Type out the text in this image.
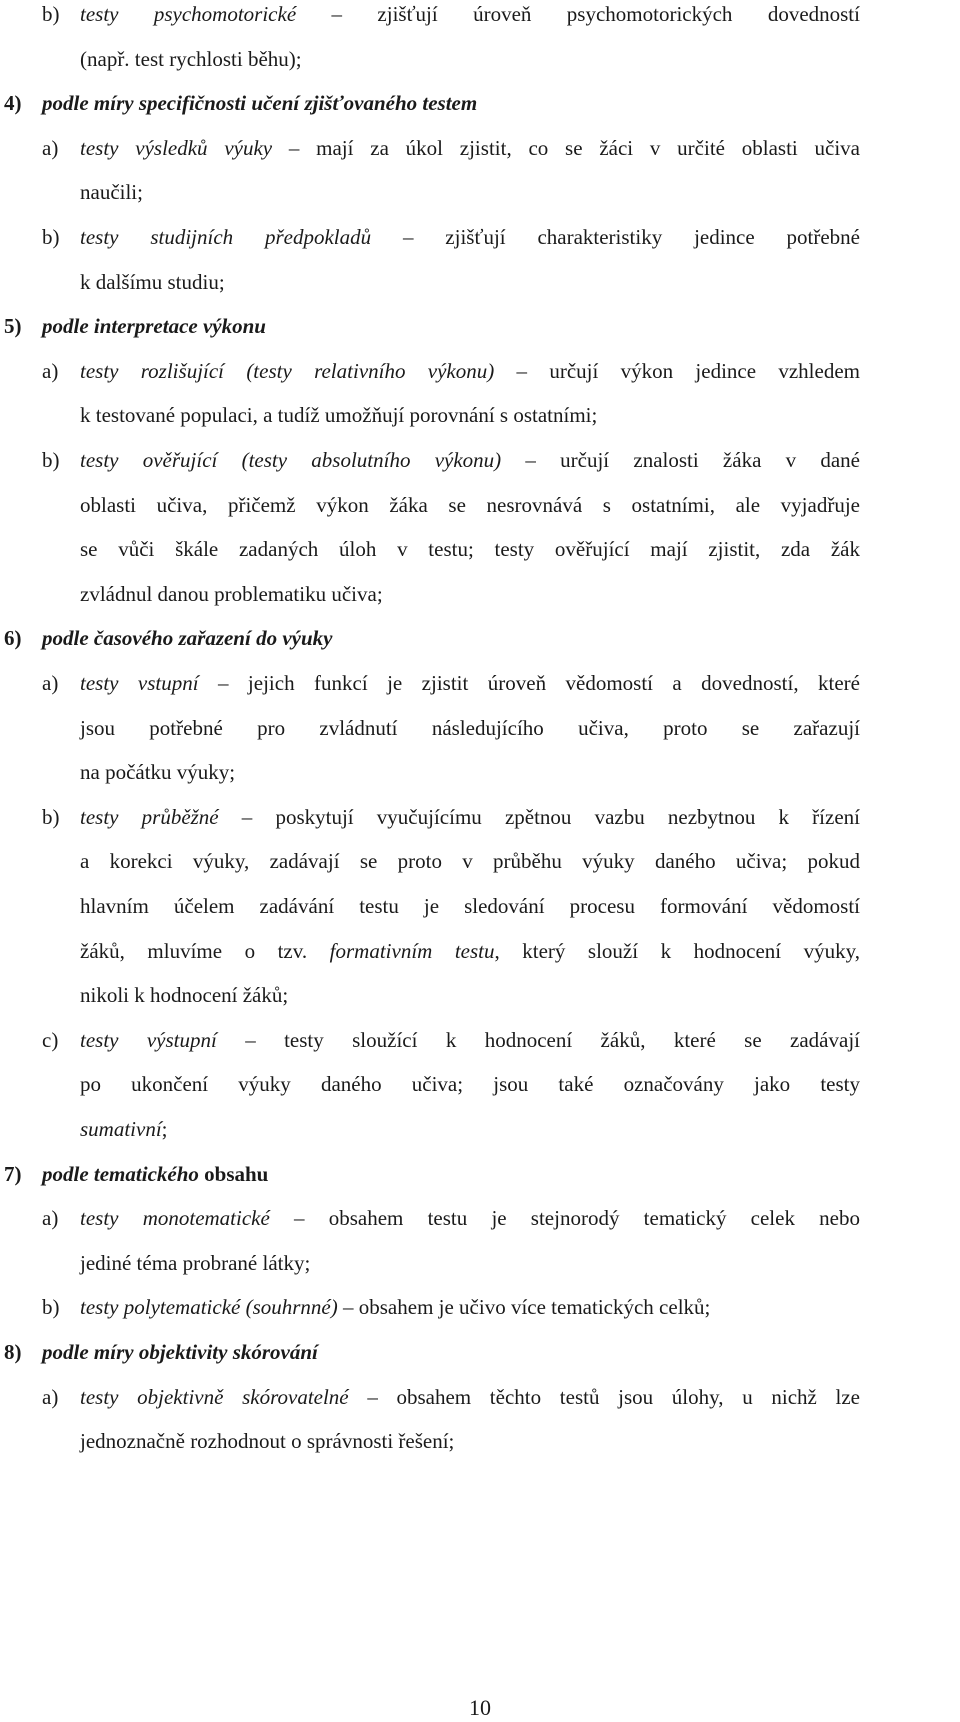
10
b) testy psychomotorické – zjišťují úroveň psychomotorických dovedností
(např. test rychlosti běhu);
4) podle míry specifičnosti učení zjišťovaného testem
a) testy výsledků výuky – mají za úkol zjistit, co se žáci v určité oblasti učiva
naučili;
b) testy studijních předpokladů – zjišťují charakteristiky jedince potřebné
k dalšímu studiu;
5) podle interpretace výkonu
a) testy rozlišující (testy relativního výkonu) – určují výkon jedince vzhledem
k testované populaci, a tudíž umožňují porovnání s ostatními;
b) testy ověřující (testy absolutního výkonu) – určují znalosti žáka v dané
oblasti učiva, přičemž výkon žáka se nesrovnává s ostatními, ale vyjadřuje
se vůči škále zadaných úloh v testu; testy ověřující mají zjistit, zda žák
zvládnul danou problematiku učiva;
6) podle časového zařazení do výuky
a) testy vstupní – jejich funkcí je zjistit úroveň vědomostí a dovedností, které
jsou potřebné pro zvládnutí následujícího učiva, proto se zařazují
na počátku výuky;
b) testy průběžné – poskytují vyučujícímu zpětnou vazbu nezbytnou k řízení
a korekci výuky, zadávají se proto v průběhu výuky daného učiva; pokud
hlavním účelem zadávání testu je sledování procesu formování vědomostí
žáků, mluvíme o tzv. formativním testu, který slouží k hodnocení výuky,
nikoli k hodnocení žáků;
c) testy výstupní – testy sloužící k hodnocení žáků, které se zadávají
po ukončení výuky daného učiva; jsou také označovány jako testy
sumativní;
7) podle tematického obsahu
a) testy monotematické – obsahem testu je stejnorodý tematický celek nebo
jediné téma probrané látky;
b) testy polytematické (souhrnné) – obsahem je učivo více tematických celků;
8) podle míry objektivity skórování
a) testy objektivně skórovatelné – obsahem těchto testů jsou úlohy, u nichž lze
jednoznačně rozhodnout o správnosti řešení;
